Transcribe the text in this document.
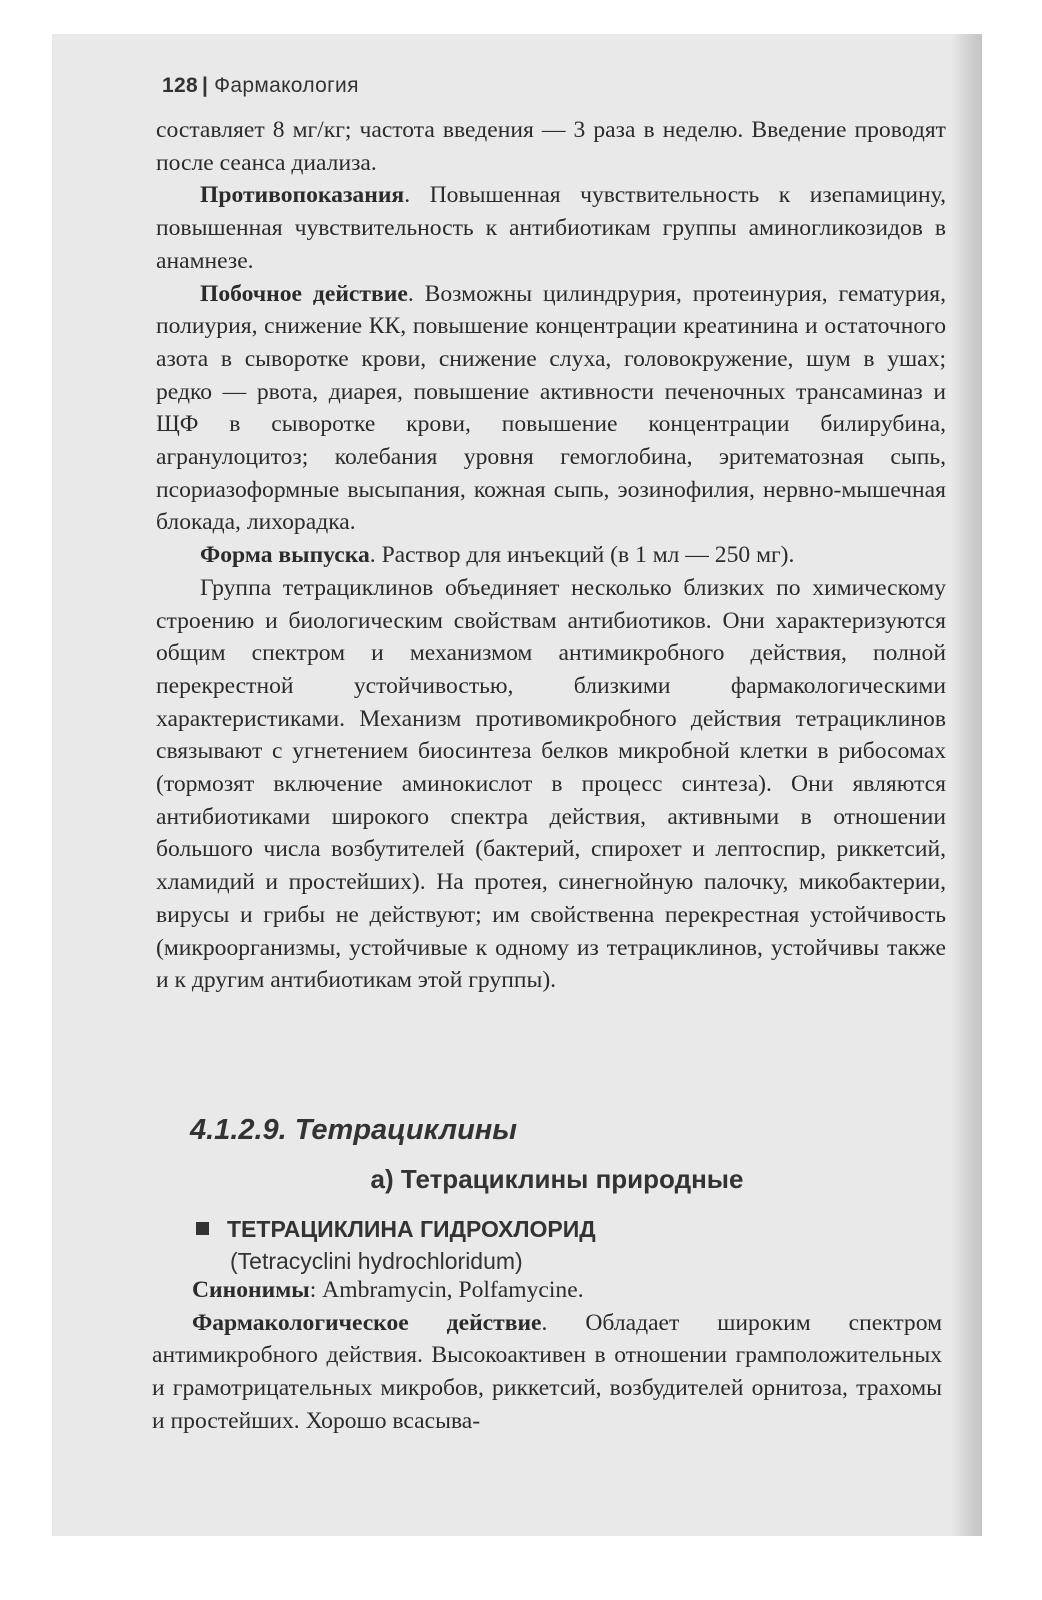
128 | Фармакология

составляет 8 мг/кг; частота введения — 3 раза в неделю. Введение проводят после сеанса диализа.

Противопоказания. Повышенная чувствительность к изепамицину, повышенная чувствительность к антибиотикам группы аминогликозидов в анамнезе.

Побочное действие. Возможны цилиндрурия, протеинурия, гематурия, полиурия, снижение КК, повышение концентрации креатинина и остаточного азота в сыворотке крови, снижение слуха, головокружение, шум в ушах; редко — рвота, диарея, повышение активности печеночных трансаминаз и ЩФ в сыворотке крови, повышение концентрации билирубина, агранулоцитоз; колебания уровня гемоглобина, эритематозная сыпь, псориазоформные высыпания, кожная сыпь, эозинофилия, нервно-мышечная блокада, лихорадка.

Форма выпуска. Раствор для инъекций (в 1 мл — 250 мг).

Группа тетрациклинов объединяет несколько близких по химическому строению и биологическим свойствам антибиотиков. Они характеризуются общим спектром и механизмом антимикробного действия, полной перекрестной устойчивостью, близкими фармакологическими характеристиками. Механизм противомикробного действия тетрациклинов связывают с угнетением биосинтеза белков микробной клетки в рибосомах (тормозят включение аминокислот в процесс синтеза). Они являются антибиотиками широкого спектра действия, активными в отношении большого числа возбутителей (бактерий, спирохет и лептоспир, риккетсий, хламидий и простейших). На протея, синегнойную палочку, микобактерии, вирусы и грибы не действуют; им свойственна перекрестная устойчивость (микроорганизмы, устойчивые к одному из тетрациклинов, устойчивы также и к другим антибиотикам этой группы).

4.1.2.9. Тетрациклины
а) Тетрациклины природные
ТЕТРАЦИКЛИНА ГИДРОХЛОРИД
(Tetracyclini hydrochloridum)

Синонимы: Ambramycin, Polfamycine.

Фармакологическое действие. Обладает широким спектром антимикробного действия. Высокоактивен в отношении грамположительных и грамотрицательных микробов, риккетсий, возбудителей орнитоза, трахомы и простейших. Хорошо всасыва-
